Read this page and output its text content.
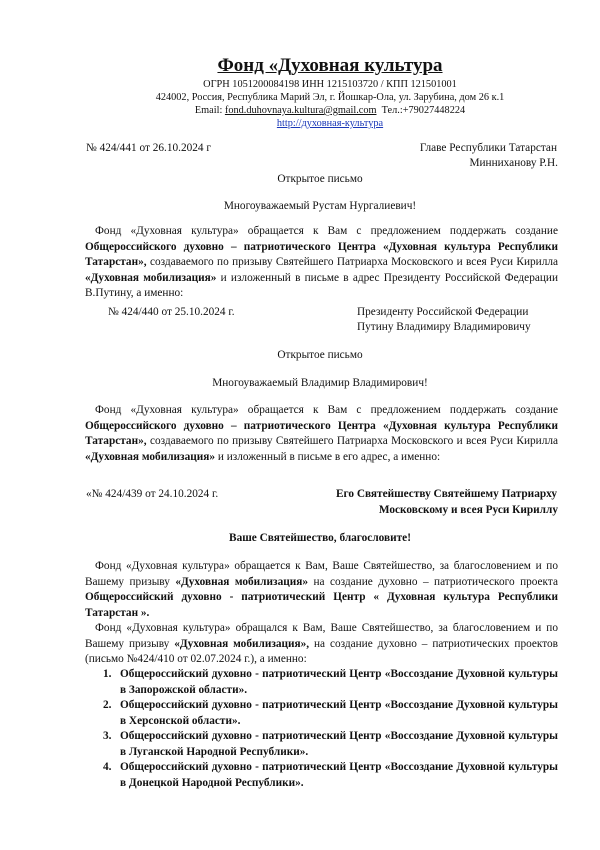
Фонд «Духовная культура
ОГРН 1051200084198 ИНН 1215103720 / КПП 121501001
424002, Россия, Республика Марий Эл, г. Йошкар-Ола, ул. Зарубина, дом 26 к.1
Email: fond.duhovnaya.kultura@gmail.com Тел.:+79027448224
http://духовная-культура
№ 424/441 от 26.10.2024 г	Главе Республики Татарстан
Минниханову Р.Н.
Открытое письмо
Многоуважаемый Рустам Нургалиевич!
Фонд «Духовная культура» обращается к Вам с предложением поддержать создание Общероссийского духовно – патриотического Центра «Духовная культура Республики Татарстан», создаваемого по призыву Святейшего Патриарха Московского и всея Руси Кирилла «Духовная мобилизация» и изложенный в письме в адрес Президенту Российской Федерации В.Путину, а именно:
№ 424/440 от 25.10.2024 г.	Президенту Российской Федерации
Путину Владимиру Владимировичу
Открытое письмо
Многоуважаемый Владимир Владимирович!
Фонд «Духовная культура» обращается к Вам с предложением поддержать создание Общероссийского духовно – патриотического Центра «Духовная культура Республики Татарстан», создаваемого по призыву Святейшего Патриарха Московского и всея Руси Кирилла «Духовная мобилизация» и изложенный в письме в его адрес, а именно:
«№ 424/439 от 24.10.2024 г.	Его Святейшеству Святейшему Патриарху
Московскому и всея Руси Кириллу
Ваше Святейшество, благословите!
Фонд «Духовная культура» обращается к Вам, Ваше Святейшество, за благословением и по Вашему призыву «Духовная мобилизация» на создание духовно – патриотического проекта Общероссийский духовно - патриотический Центр « Духовная культура Республики Татарстан ».
Фонд «Духовная культура» обращался к Вам, Ваше Святейшество, за благословением и по Вашему призыву «Духовная мобилизация», на создание духовно – патриотических проектов (письмо №424/410 от 02.07.2024 г.), а именно:
1. Общероссийский духовно - патриотический Центр «Воссоздание Духовной культуры в Запорожской области».
2. Общероссийский духовно - патриотический Центр «Воссоздание Духовной культуры в Херсонской области».
3. Общероссийский духовно - патриотический Центр «Воссоздание Духовной культуры в Луганской Народной Республики».
4. Общероссийский духовно - патриотический Центр «Воссоздание Духовной культуры в Донецкой Народной Республики».
